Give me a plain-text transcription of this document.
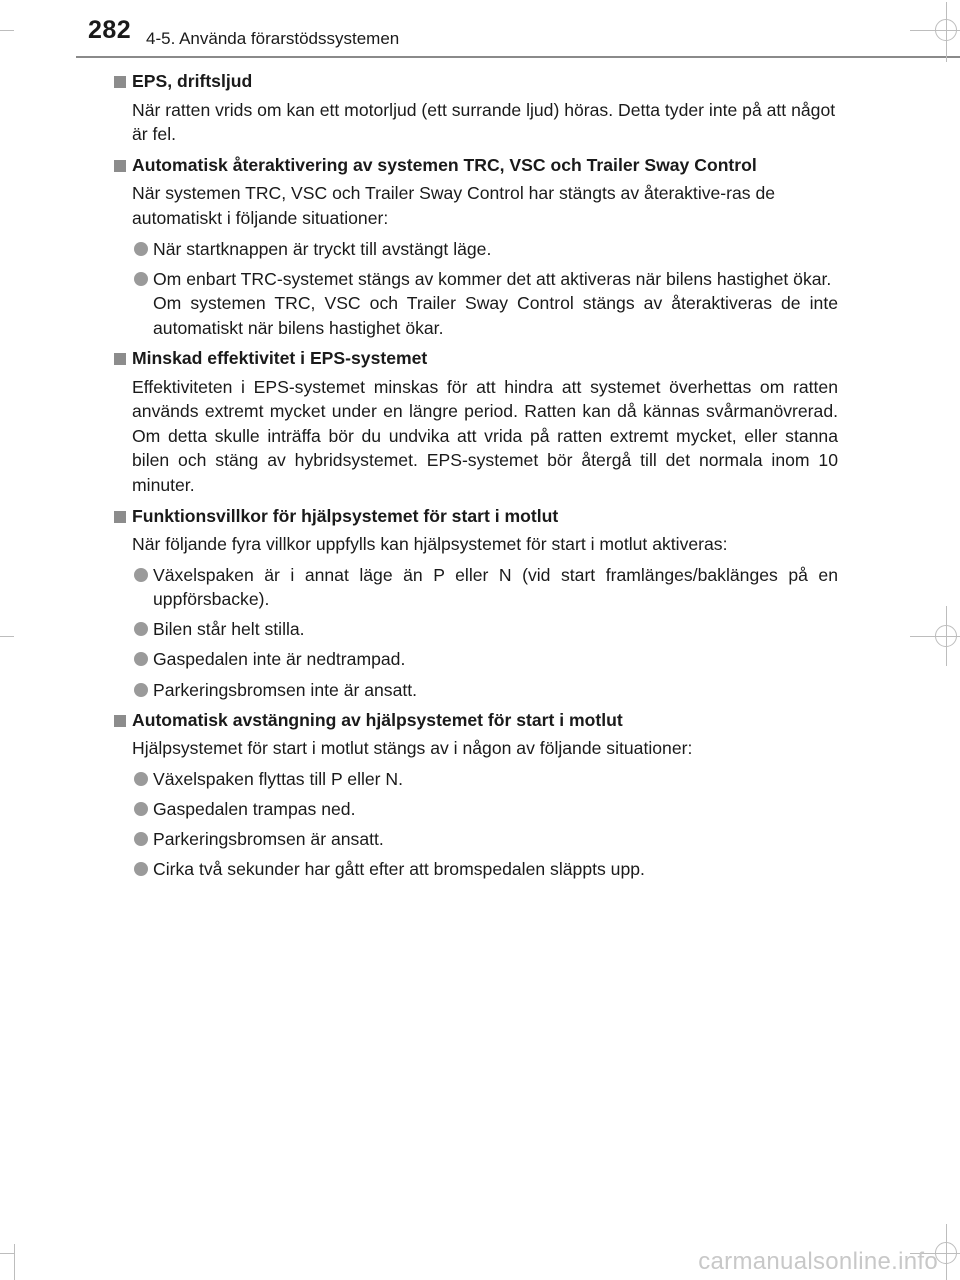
282 4-5. Använda förarstödssystemen
EPS, driftsljud
När ratten vrids om kan ett motorljud (ett surrande ljud) höras. Detta tyder inte på att något är fel.
Automatisk återaktivering av systemen TRC, VSC och Trailer Sway Control
När systemen TRC, VSC och Trailer Sway Control har stängts av återaktive-ras de automatiskt i följande situationer:
När startknappen är tryckt till avstängt läge.
Om enbart TRC-systemet stängs av kommer det att aktiveras när bilens hastighet ökar.
Om systemen TRC, VSC och Trailer Sway Control stängs av återaktiveras de inte automatiskt när bilens hastighet ökar.
Minskad effektivitet i EPS-systemet
Effektiviteten i EPS-systemet minskas för att hindra att systemet överhettas om ratten används extremt mycket under en längre period. Ratten kan då kännas svårmanövrerad. Om detta skulle inträffa bör du undvika att vrida på ratten extremt mycket, eller stanna bilen och stäng av hybridsystemet. EPS-systemet bör återgå till det normala inom 10 minuter.
Funktionsvillkor för hjälpsystemet för start i motlut
När följande fyra villkor uppfylls kan hjälpsystemet för start i motlut aktiveras:
Växelspaken är i annat läge än P eller N (vid start framlänges/baklänges på en uppförsbacke).
Bilen står helt stilla.
Gaspedalen inte är nedtrampad.
Parkeringsbromsen inte är ansatt.
Automatisk avstängning av hjälpsystemet för start i motlut
Hjälpsystemet för start i motlut stängs av i någon av följande situationer:
Växelspaken flyttas till P eller N.
Gaspedalen trampas ned.
Parkeringsbromsen är ansatt.
Cirka två sekunder har gått efter att bromspedalen släppts upp.
carmanualsonline.info
